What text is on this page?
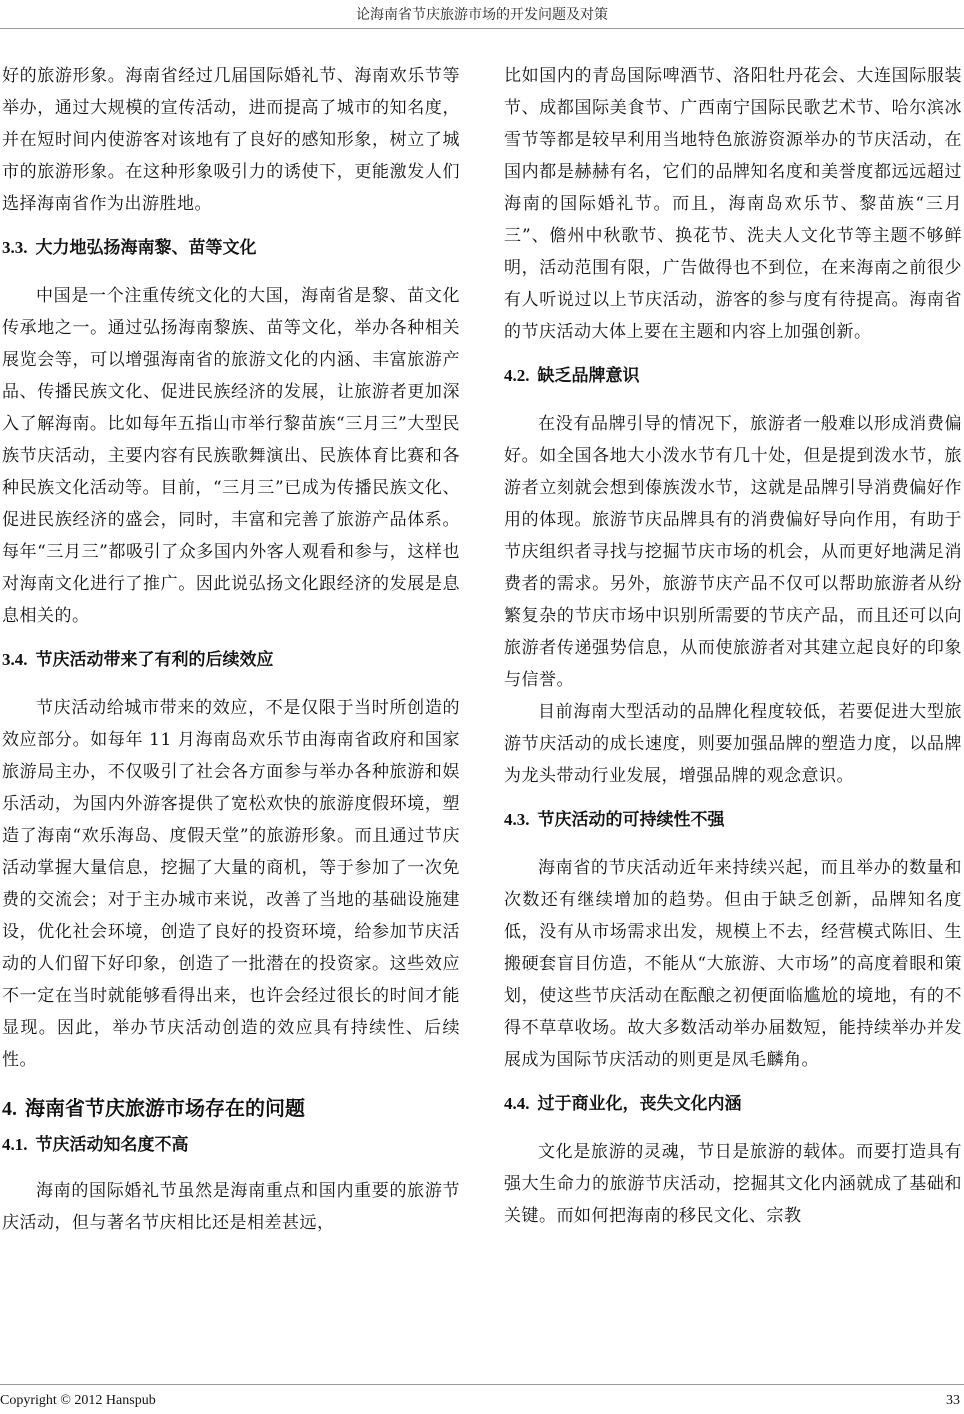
论海南省节庆旅游市场的开发问题及对策

好的旅游形象。海南省经过几届国际婚礼节、海南欢乐节等举办，通过大规模的宣传活动，进而提高了城市的知名度，并在短时间内使游客对该地有了良好的感知形象，树立了城市的旅游形象。在这种形象吸引力的诱使下，更能激发人们选择海南省作为出游胜地。

3.3. 大力地弘扬海南黎、苗等文化

中国是一个注重传统文化的大国，海南省是黎、苗文化传承地之一。通过弘扬海南黎族、苗等文化，举办各种相关展览会等，可以增强海南省的旅游文化的内涵、丰富旅游产品、传播民族文化、促进民族经济的发展，让旅游者更加深入了解海南。比如每年五指山市举行黎苗族“三月三”大型民族节庆活动，主要内容有民族歌舞演出、民族体育比赛和各种民族文化活动等。目前，“三月三”已成为传播民族文化、促进民族经济的盛会，同时，丰富和完善了旅游产品体系。每年“三月三”都吸引了众多国内外客人观看和参与，这样也对海南文化进行了推广。因此说弘扬文化跟经济的发展是息息相关的。

3.4. 节庆活动带来了有利的后续效应

节庆活动给城市带来的效应，不是仅限于当时所创造的效应部分。如每年 11 月海南岛欢乐节由海南省政府和国家旅游局主办，不仅吸引了社会各方面参与举办各种旅游和娱乐活动，为国内外游客提供了宽松欢快的旅游度假环境，塑造了海南“欢乐海岛、度假天堂”的旅游形象。而且通过节庆活动掌握大量信息，挖掘了大量的商机，等于参加了一次免费的交流会；对于主办城市来说，改善了当地的基础设施建设，优化社会环境，创造了良好的投资环境，给参加节庆活动的人们留下好印象，创造了一批潜在的投资家。这些效应不一定在当时就能够看得出来，也许会经过很长的时间才能显现。因此，举办节庆活动创造的效应具有持续性、后续性。

4. 海南省节庆旅游市场存在的问题
4.1. 节庆活动知名度不高

海南的国际婚礼节虽然是海南重点和国内重要的旅游节庆活动，但与著名节庆相比还是相差甚远，

比如国内的青岛国际啤酒节、洛阳牡丹花会、大连国际服装节、成都国际美食节、广西南宁国际民歌艺术节、哈尔滨冰雪节等都是较早利用当地特色旅游资源举办的节庆活动，在国内都是赫赫有名，它们的品牌知名度和美誉度都远远超过海南的国际婚礼节。而且，海南岛欢乐节、黎苗族“三月三”、儋州中秋歌节、换花节、洗夫人文化节等主题不够鲜明，活动范围有限，广告做得也不到位，在来海南之前很少有人听说过以上节庆活动，游客的参与度有待提高。海南省的节庆活动大体上要在主题和内容上加强创新。

4.2. 缺乏品牌意识

在没有品牌引导的情况下，旅游者一般难以形成消费偏好。如全国各地大小泼水节有几十处，但是提到泼水节，旅游者立刻就会想到傣族泼水节，这就是品牌引导消费偏好作用的体现。旅游节庆品牌具有的消费偏好导向作用，有助于节庆组织者寻找与挖掘节庆市场的机会，从而更好地满足消费者的需求。另外，旅游节庆产品不仅可以帮助旅游者从纷繁复杂的节庆市场中识别所需要的节庆产品，而且还可以向旅游者传递强势信息，从而使旅游者对其建立起良好的印象与信誉。

目前海南大型活动的品牌化程度较低，若要促进大型旅游节庆活动的成长速度，则要加强品牌的塑造力度，以品牌为龙头带动行业发展，增强品牌的观念意识。

4.3. 节庆活动的可持续性不强

海南省的节庆活动近年来持续兴起，而且举办的数量和次数还有继续增加的趋势。但由于缺乏创新，品牌知名度低，没有从市场需求出发，规模上不去，经营模式陈旧、生搬硬套盲目仿造，不能从“大旅游、大市场”的高度着眼和策划，使这些节庆活动在酝酿之初便面临尴尬的境地，有的不得不草草收场。故大多数活动举办届数短，能持续举办并发展成为国际节庆活动的则更是凤毛麟角。

4.4. 过于商业化，丧失文化内涵

文化是旅游的灵魂，节日是旅游的载体。而要打造具有强大生命力的旅游节庆活动，挖掘其文化内涵就成了基础和关键。而如何把海南的移民文化、宗教

Copyright © 2012 Hanspub	33
